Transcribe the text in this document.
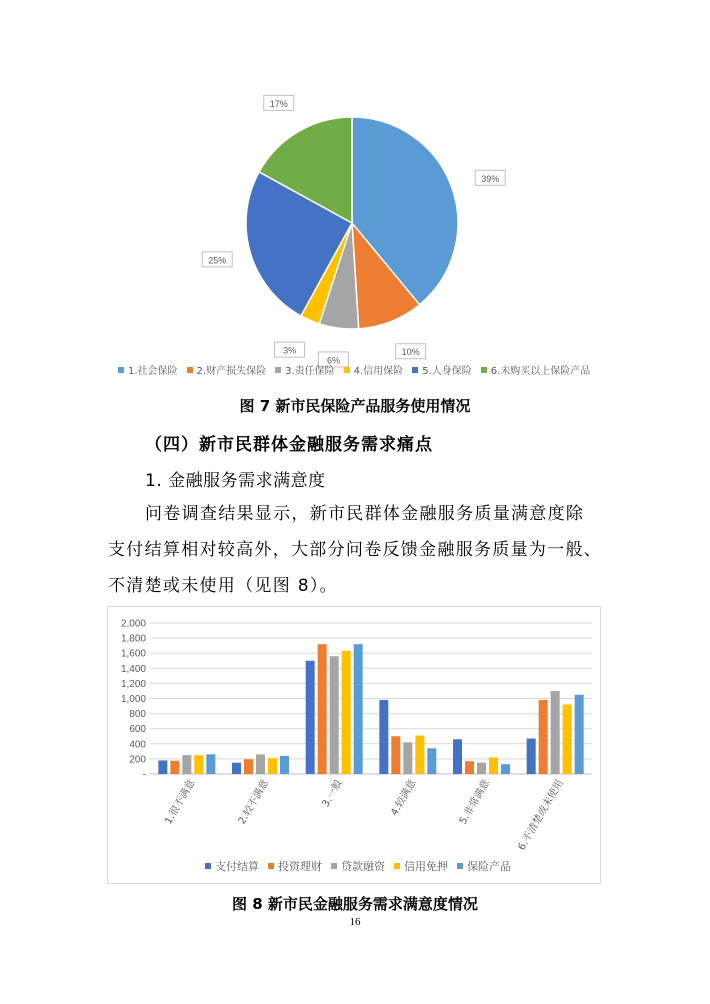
39%
10%
6%
3%
25%
17%
1.社会保险 2.财产损失保险 3.责任保险 4.信用保险 5.人身保险 6.未购买以上保险产品
图 7 新市民保险产品服务使用情况
（四）新市民群体金融服务需求痛点
1. 金融服务需求满意度
问卷调查结果显示，新市民群体金融服务质量满意度除
支付结算相对较高外，大部分问卷反馈金融服务质量为一般、
不清楚或未使用（见图 8）。
2,000
1,800
1,600
1,400
1,200
1,000
800
600
400
200
-
1.很不满意	2.较不满意	3.一般	4.较满意	5.非常满意 6.不清楚或未使用
支付结算 投资理财 贷款融资 信用免押 保险产品
图 8 新市民金融服务需求满意度情况
16
